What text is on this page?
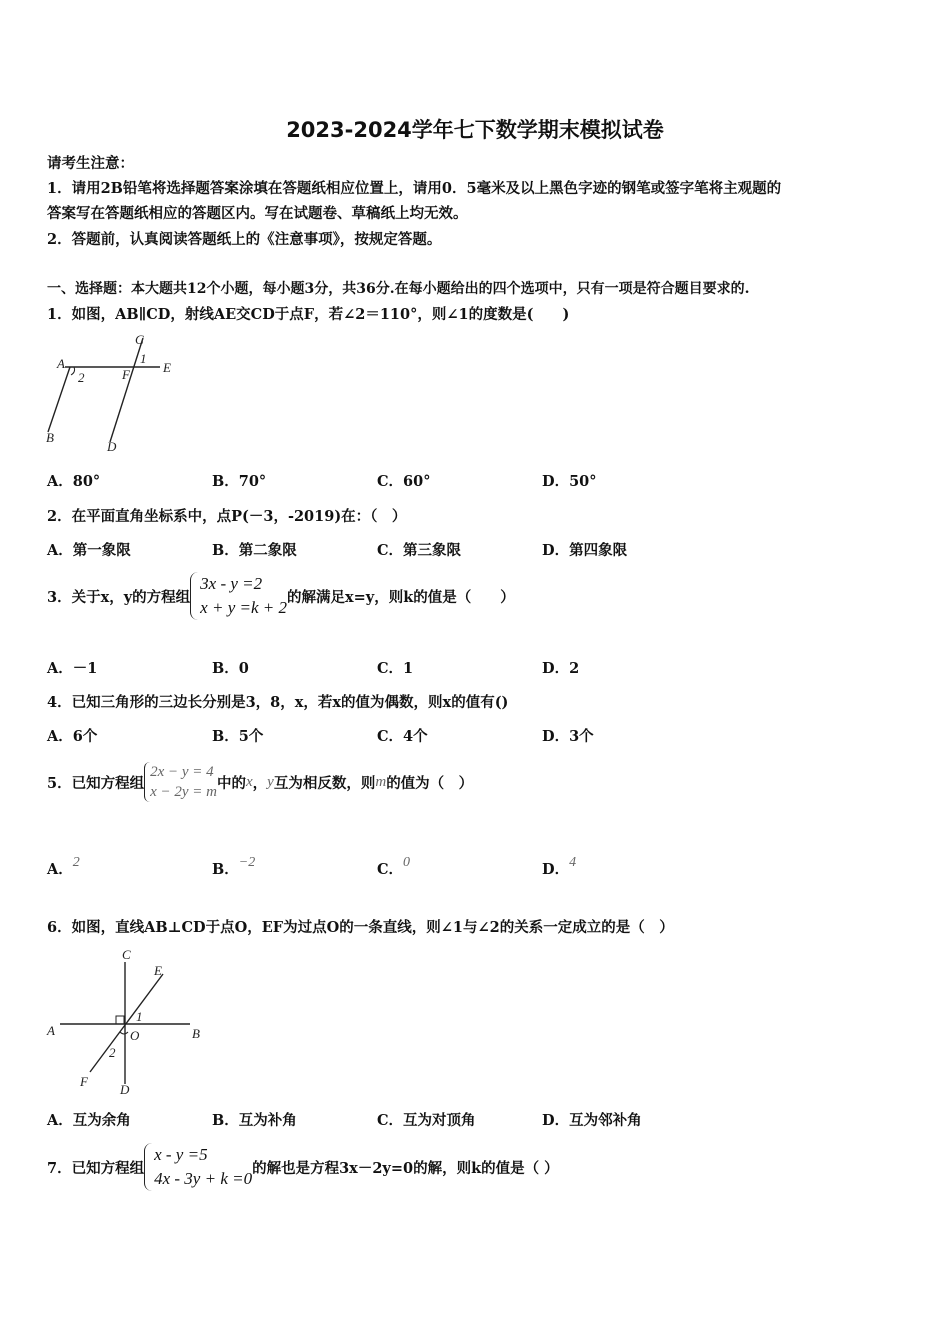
2023-2024学年七下数学期末模拟试卷
请考生注意：
1．请用2B铅笔将选择题答案涂填在答题纸相应位置上，请用0．5毫米及以上黑色字迹的钢笔或签字笔将主观题的
答案写在答题纸相应的答题区内。写在试题卷、草稿纸上均无效。
2．答题前，认真阅读答题纸上的《注意事项》，按规定答题。
一、选择题：本大题共12个小题，每小题3分，共36分.在每小题给出的四个选项中，只有一项是符合题目要求的.
1．如图，AB∥CD，射线AE交CD于点F，若∠2＝110°，则∠1的度数是(　　)
A
2
C
1
F	E
B
D
A．80°	B．70°	C．60°	D．50°
2．在平面直角坐标系中，点P(－3，-2019)在：（　）
A．第一象限	B．第二象限	C．第三象限	D．第四象限
3．关于x，y的方程组
3x - y =2
x + y =k + 2
的解满足x=y，则k的值是（　　）
A．－1	B．0	C．1	D．2
4．已知三角形的三边长分别是3，8，x，若x的值为偶数，则x的值有()
A．6个	B．5个	C．4个	D．3个
5．已知方程组
2x − y = 4
x − 2y = m
中的 x ， y 互为相反数，则 m 的值为（　）
A．2	B．−2	C．0	D．4
6．如图，直线AB⊥CD于点O，EF为过点O的一条直线，则∠1与∠2的关系一定成立的是（　）
C
E
A
1
O	B
2
F
D
A．互为余角	B．互为补角	C．互为对顶角	D．互为邻补角
7．已知方程组
x - y =5
4x - 3y + k =0
的解也是方程3x－2y=0的解，则k的值是（ ）
